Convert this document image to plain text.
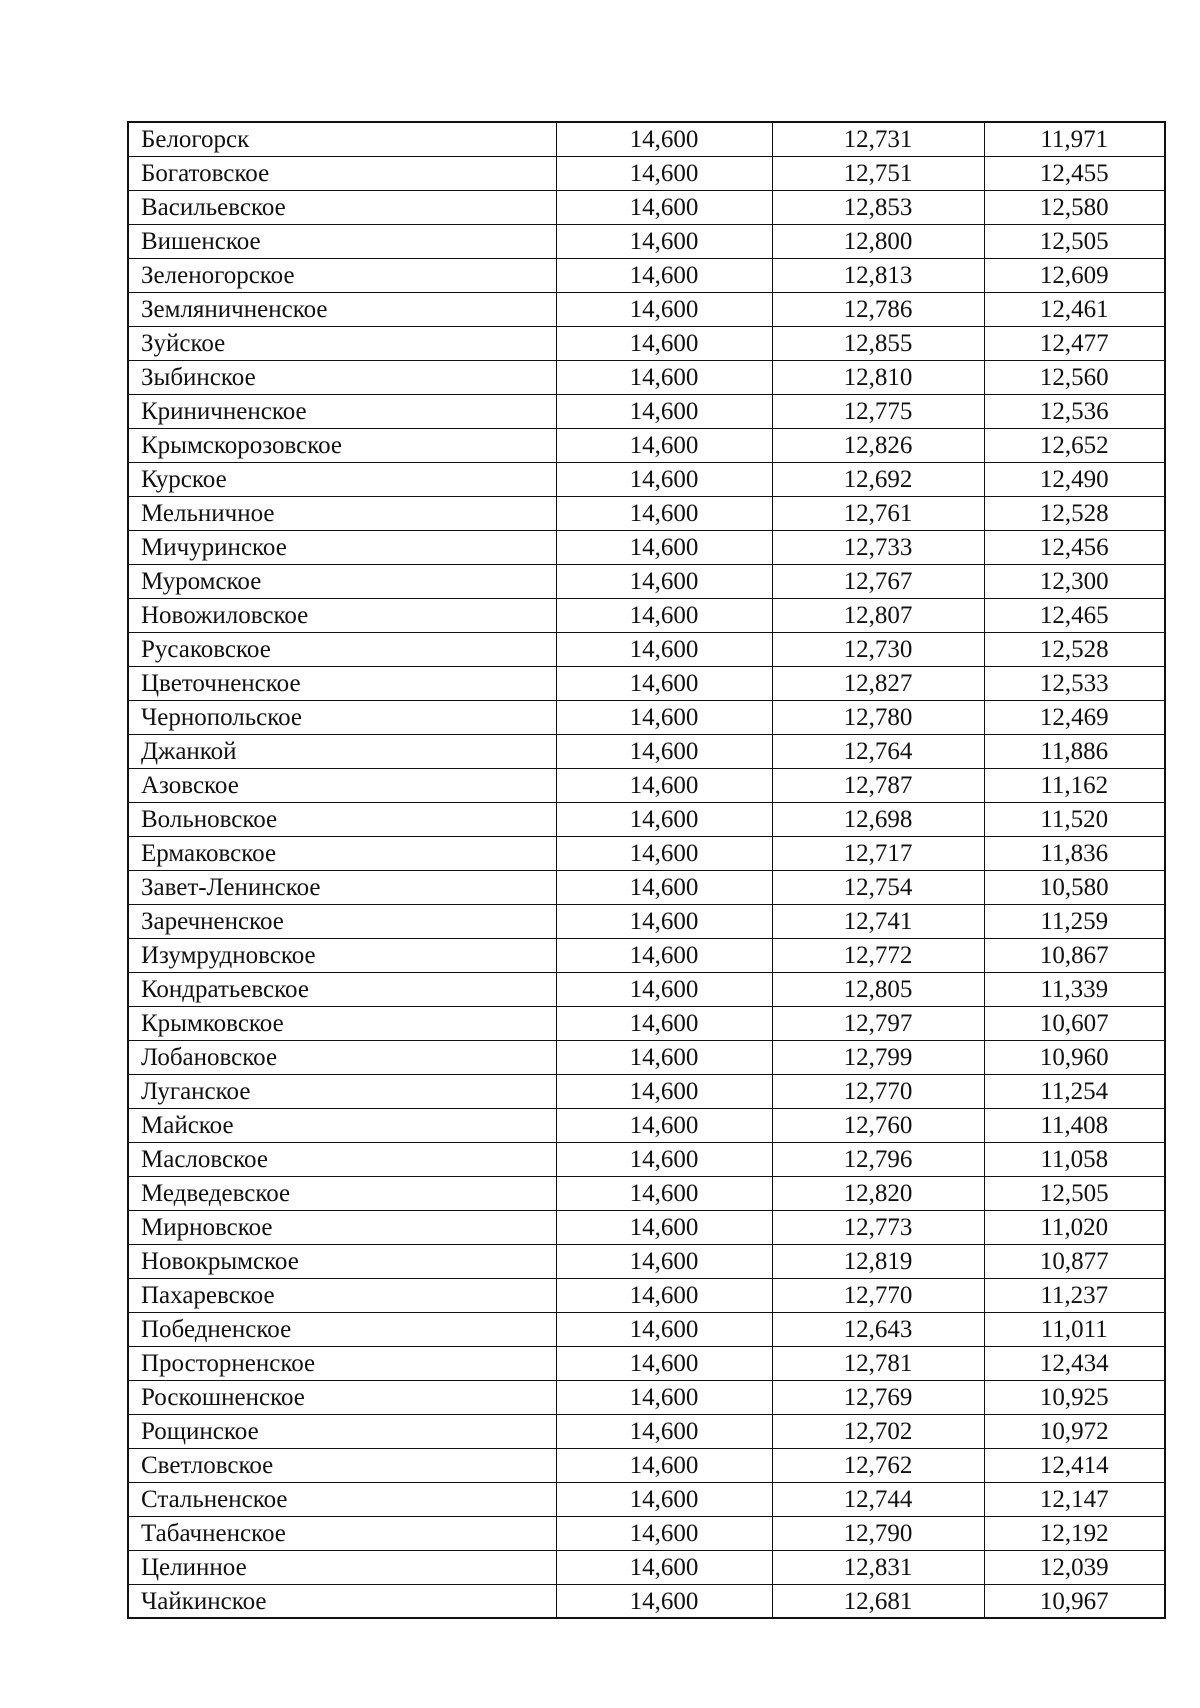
Белогорск	14,600	12,731	11,971
Богатовское	14,600	12,751	12,455
Васильевское	14,600	12,853	12,580
Вишенское	14,600	12,800	12,505
Зеленогорское	14,600	12,813	12,609
Земляничненское	14,600	12,786	12,461
Зуйское	14,600	12,855	12,477
Зыбинское	14,600	12,810	12,560
Криничненское	14,600	12,775	12,536
Крымскорозовское	14,600	12,826	12,652
Курское	14,600	12,692	12,490
Мельничное	14,600	12,761	12,528
Мичуринское	14,600	12,733	12,456
Муромское	14,600	12,767	12,300
Новожиловское	14,600	12,807	12,465
Русаковское	14,600	12,730	12,528
Цветочненское	14,600	12,827	12,533
Чернопольское	14,600	12,780	12,469
Джанкой	14,600	12,764	11,886
Азовское	14,600	12,787	11,162
Вольновское	14,600	12,698	11,520
Ермаковское	14,600	12,717	11,836
Завет-Ленинское	14,600	12,754	10,580
Заречненское	14,600	12,741	11,259
Изумрудновское	14,600	12,772	10,867
Кондратьевское	14,600	12,805	11,339
Крымковское	14,600	12,797	10,607
Лобановское	14,600	12,799	10,960
Луганское	14,600	12,770	11,254
Майское	14,600	12,760	11,408
Масловское	14,600	12,796	11,058
Медведевское	14,600	12,820	12,505
Мирновское	14,600	12,773	11,020
Новокрымское	14,600	12,819	10,877
Пахаревское	14,600	12,770	11,237
Победненское	14,600	12,643	11,011
Просторненское	14,600	12,781	12,434
Роскошненское	14,600	12,769	10,925
Рощинское	14,600	12,702	10,972
Светловское	14,600	12,762	12,414
Стальненское	14,600	12,744	12,147
Табачненское	14,600	12,790	12,192
Целинное	14,600	12,831	12,039
Чайкинское	14,600	12,681	10,967
